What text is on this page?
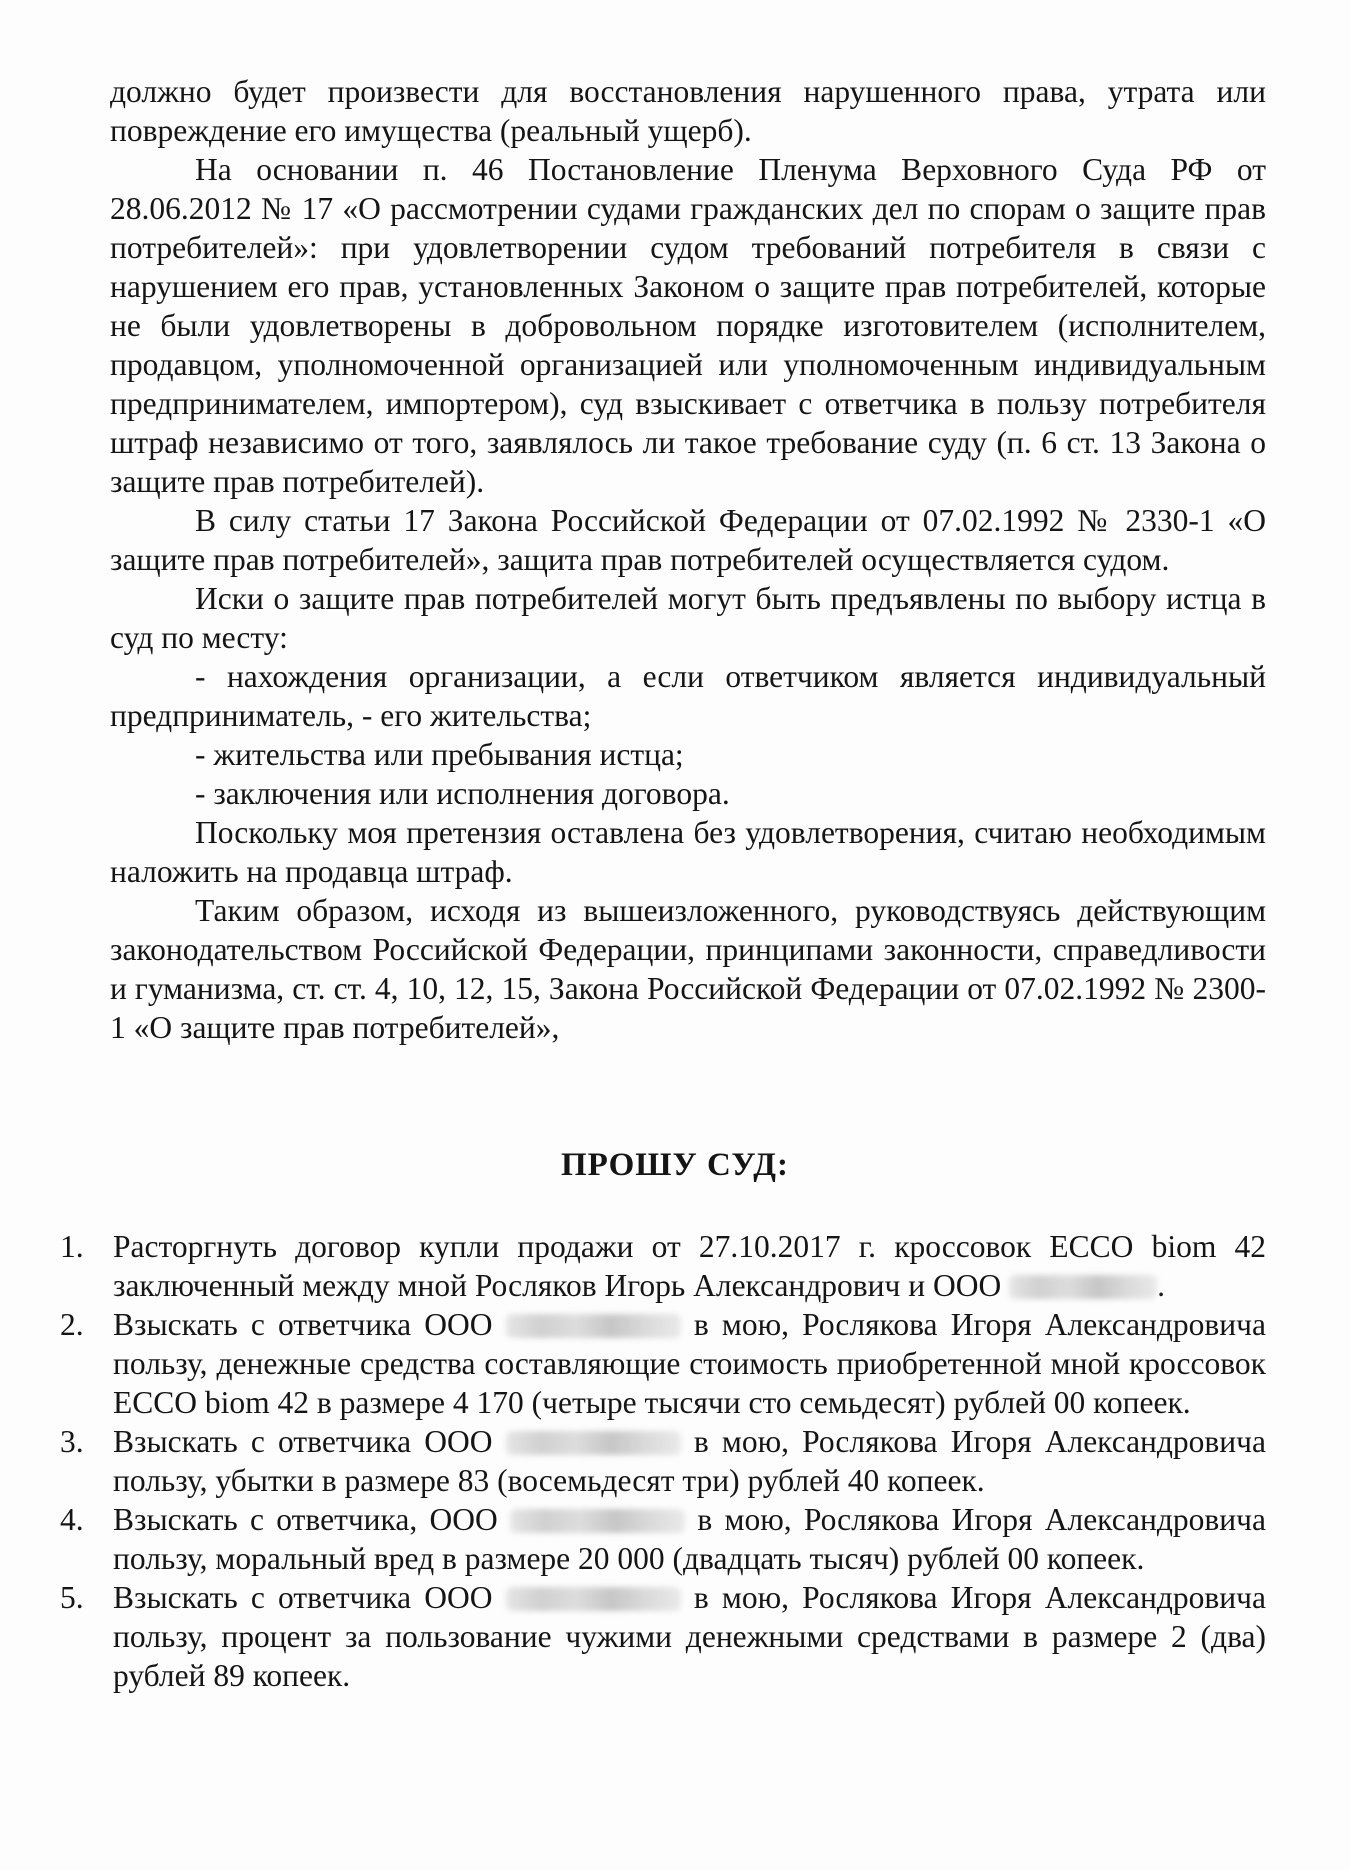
должно будет произвести для восстановления нарушенного права, утрата или повреждение его имущества (реальный ущерб).

На основании п. 46 Постановление Пленума Верховного Суда РФ от 28.06.2012 № 17 «О рассмотрении судами гражданских дел по спорам о защите прав потребителей»: при удовлетворении судом требований потребителя в связи с нарушением его прав, установленных Законом о защите прав потребителей, которые не были удовлетворены в добровольном порядке изготовителем (исполнителем, продавцом, уполномоченной организацией или уполномоченным индивидуальным предпринимателем, импортером), суд взыскивает с ответчика в пользу потребителя штраф независимо от того, заявлялось ли такое требование суду (п. 6 ст. 13 Закона о защите прав потребителей).

В силу статьи 17 Закона Российской Федерации от 07.02.1992 № 2330-1 «О защите прав потребителей», защита прав потребителей осуществляется судом.

Иски о защите прав потребителей могут быть предъявлены по выбору истца в суд по месту:

- нахождения организации, а если ответчиком является индивидуальный предприниматель, - его жительства;

- жительства или пребывания истца;

- заключения или исполнения договора.

Поскольку моя претензия оставлена без удовлетворения, считаю необходимым наложить на продавца штраф.

Таким образом, исходя из вышеизложенного, руководствуясь действующим законодательством Российской Федерации, принципами законности, справедливости и гуманизма, ст. ст. 4, 10, 12, 15, Закона Российской Федерации от 07.02.1992 № 2300-1 «О защите прав потребителей»,

ПРОШУ СУД:
1. Расторгнуть договор купли продажи от 27.10.2017 г. кроссовок ECCO biom 42 заключенный между мной Росляков Игорь Александрович и ООО	.
2. Взыскать с ответчика ООО	в мою, Рослякова Игоря Александровича пользу, денежные средства составляющие стоимость приобретенной мной кроссовок ECCO biom 42 в размере 4 170 (четыре тысячи сто семьдесят) рублей 00 копеек.
3. Взыскать с ответчика ООО	в мою, Рослякова Игоря Александровича пользу, убытки в размере 83 (восемьдесят три) рублей 40 копеек.
4. Взыскать с ответчика, ООО	в мою, Рослякова Игоря Александровича пользу, моральный вред в размере 20 000 (двадцать тысяч) рублей 00 копеек.
5. Взыскать с ответчика ООО	в мою, Рослякова Игоря Александровича пользу, процент за пользование чужими денежными средствами в размере 2 (два) рублей 89 копеек.
